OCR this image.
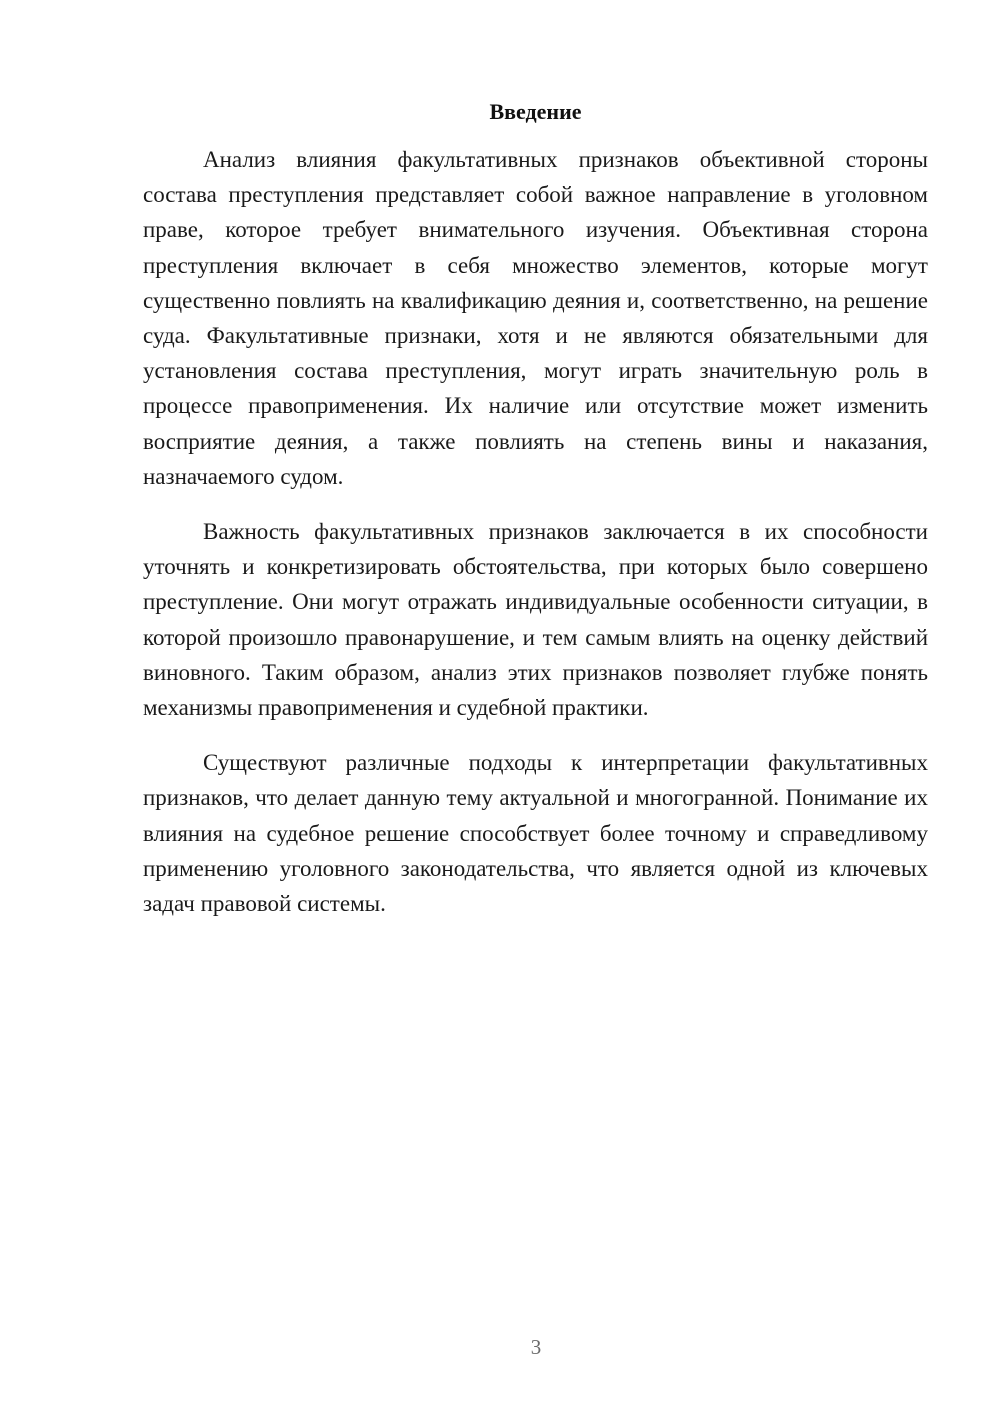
Введение

Анализ влияния факультативных признаков объективной стороны состава преступления представляет собой важное направление в уголовном праве, которое требует внимательного изучения. Объективная сторона преступления включает в себя множество элементов, которые могут существенно повлиять на квалификацию деяния и, соответственно, на решение суда. Факультативные признаки, хотя и не являются обязательными для установления состава преступления, могут играть значительную роль в процессе правоприменения. Их наличие или отсутствие может изменить восприятие деяния, а также повлиять на степень вины и наказания, назначаемого судом.

Важность факультативных признаков заключается в их способности уточнять и конкретизировать обстоятельства, при которых было совершено преступление. Они могут отражать индивидуальные особенности ситуации, в которой произошло правонарушение, и тем самым влиять на оценку действий виновного. Таким образом, анализ этих признаков позволяет глубже понять механизмы правоприменения и судебной практики.

Существуют различные подходы к интерпретации факультативных признаков, что делает данную тему актуальной и многогранной. Понимание их влияния на судебное решение способствует более точному и справедливому применению уголовного законодательства, что является одной из ключевых задач правовой системы.

3
